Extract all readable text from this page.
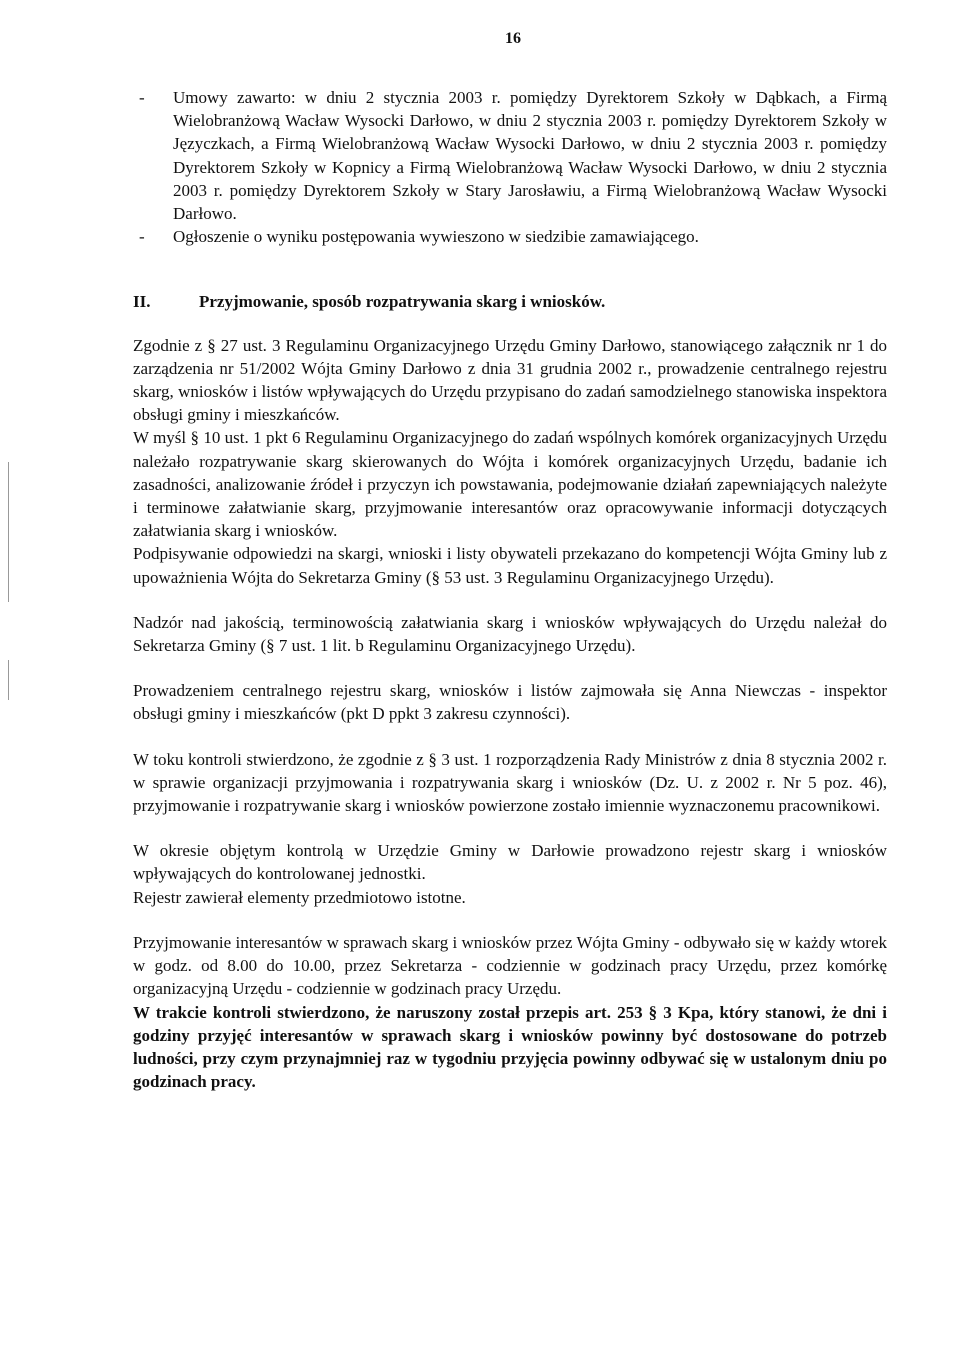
16
- Umowy zawarto: w dniu 2 stycznia 2003 r. pomiędzy Dyrektorem Szkoły w Dąbkach, a Firmą Wielobranżową Wacław Wysocki Darłowo, w dniu 2 stycznia 2003 r. pomiędzy Dyrektorem Szkoły w Języczkach, a Firmą Wielobranżową Wacław Wysocki Darłowo, w dniu 2 stycznia 2003 r. pomiędzy Dyrektorem Szkoły w Kopnicy a Firmą Wielobranżową Wacław Wysocki Darłowo, w dniu 2 stycznia 2003 r. pomiędzy Dyrektorem Szkoły w Stary Jarosławiu, a Firmą Wielobranżową Wacław Wysocki Darłowo.
- Ogłoszenie o wyniku postępowania wywieszono w siedzibie zamawiającego.
II.	Przyjmowanie, sposób rozpatrywania skarg i wniosków.

Zgodnie z § 27 ust. 3 Regulaminu Organizacyjnego Urzędu Gminy Darłowo, stanowiącego załącznik nr 1 do zarządzenia nr 51/2002 Wójta Gminy Darłowo z dnia 31 grudnia 2002 r., prowadzenie centralnego rejestru skarg, wniosków i listów wpływających do Urzędu przypisano do zadań samodzielnego stanowiska inspektora obsługi gminy i mieszkańców.

W myśl § 10 ust. 1 pkt 6 Regulaminu Organizacyjnego do zadań wspólnych komórek organizacyjnych Urzędu należało rozpatrywanie skarg skierowanych do Wójta i komórek organizacyjnych Urzędu, badanie ich zasadności, analizowanie źródeł i przyczyn ich powstawania, podejmowanie działań zapewniających należyte i terminowe załatwianie skarg, przyjmowanie interesantów oraz opracowywanie informacji dotyczących załatwiania skarg i wniosków.

Podpisywanie odpowiedzi na skargi, wnioski i listy obywateli przekazano do kompetencji Wójta Gminy lub z upoważnienia Wójta do Sekretarza Gminy (§ 53 ust. 3 Regulaminu Organizacyjnego Urzędu).

Nadzór nad jakością, terminowością załatwiania skarg i wniosków wpływających do Urzędu należał do Sekretarza Gminy (§ 7 ust. 1 lit. b Regulaminu Organizacyjnego Urzędu).

Prowadzeniem centralnego rejestru skarg, wniosków i listów zajmowała się Anna Niewczas - inspektor obsługi gminy i mieszkańców (pkt D ppkt 3 zakresu czynności).

W toku kontroli stwierdzono, że zgodnie z § 3 ust. 1 rozporządzenia Rady Ministrów z dnia 8 stycznia 2002 r. w sprawie organizacji przyjmowania i rozpatrywania skarg i wniosków (Dz. U. z 2002 r. Nr 5 poz. 46), przyjmowanie i rozpatrywanie skarg i wniosków powierzone zostało imiennie wyznaczonemu pracownikowi.

W okresie objętym kontrolą w Urzędzie Gminy w Darłowie prowadzono rejestr skarg i wniosków wpływających do kontrolowanej jednostki.

Rejestr zawierał elementy przedmiotowo istotne.

Przyjmowanie interesantów w sprawach skarg i wniosków przez Wójta Gminy - odbywało się w każdy wtorek w godz. od 8.00 do 10.00, przez Sekretarza - codziennie w godzinach pracy Urzędu, przez komórkę organizacyjną Urzędu - codziennie w godzinach pracy Urzędu.

W trakcie kontroli stwierdzono, że naruszony został przepis art. 253 § 3 Kpa, który stanowi, że dni i godziny przyjęć interesantów w sprawach skarg i wniosków powinny być dostosowane do potrzeb ludności, przy czym przynajmniej raz w tygodniu przyjęcia powinny odbywać się w ustalonym dniu po godzinach pracy.
